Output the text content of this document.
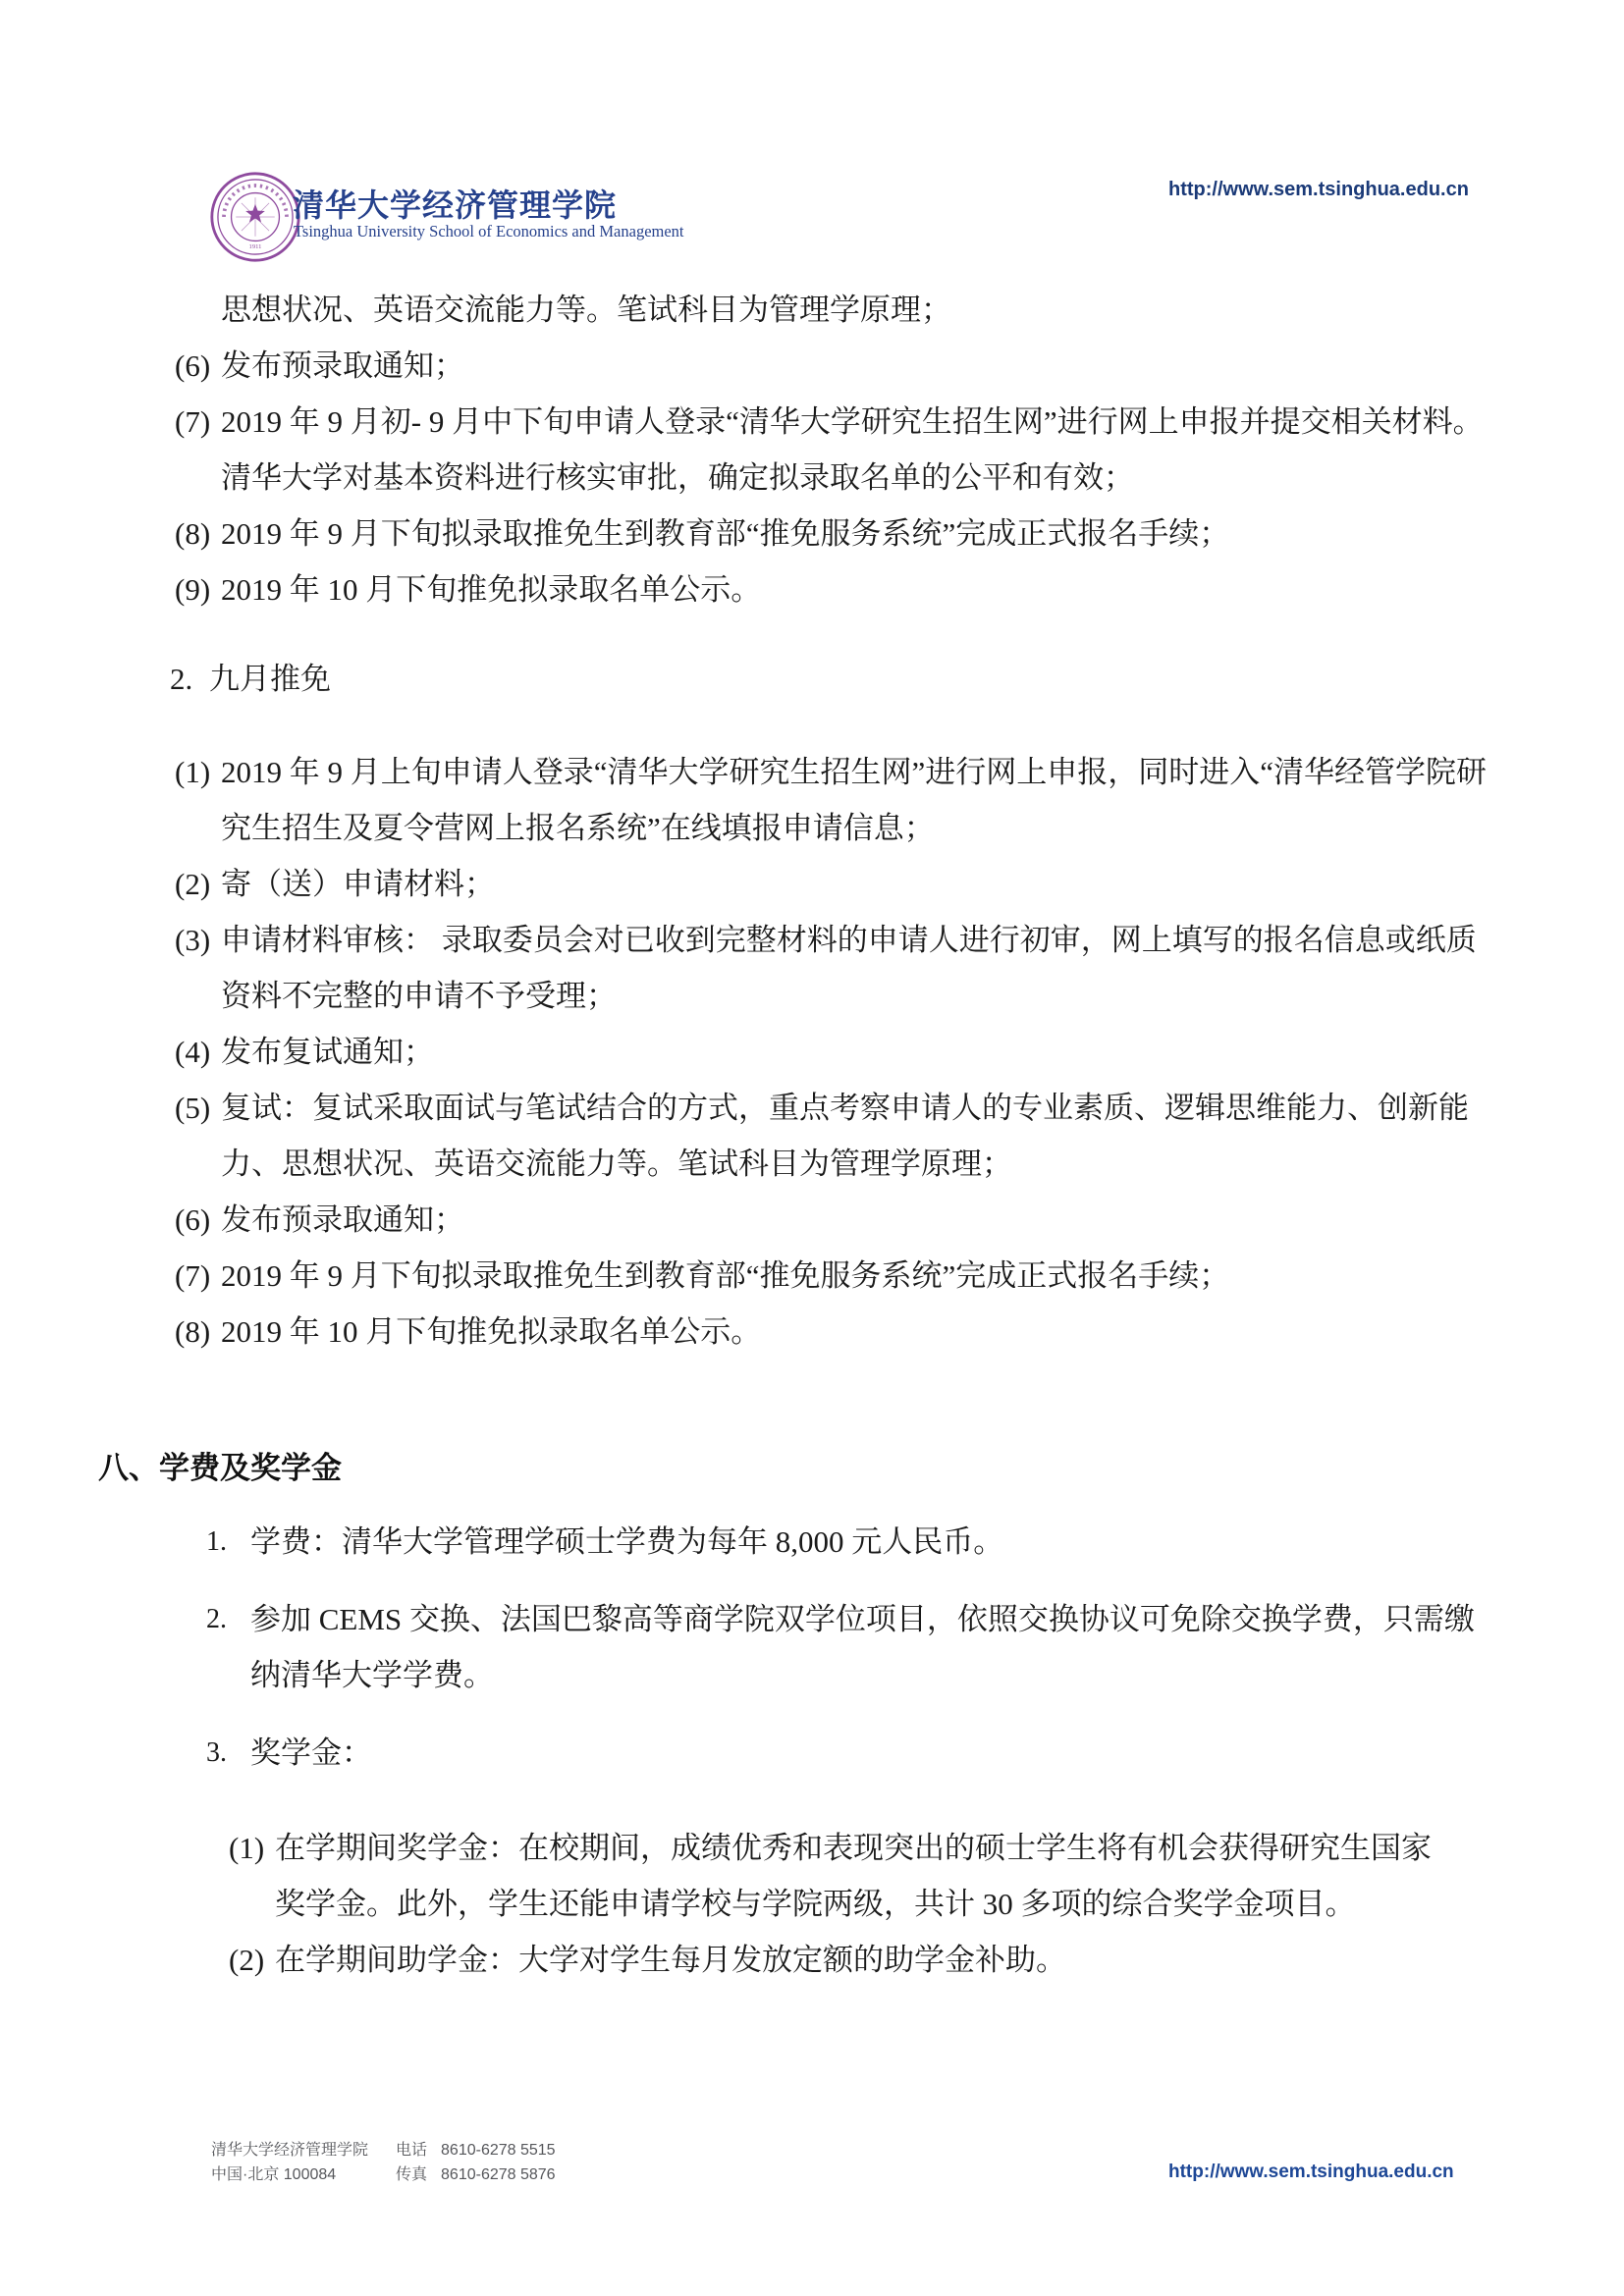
1911
清华大学经济管理学院
Tsinghua University School of Economics and Management
http://www.sem.tsinghua.edu.cn
思想状况、英语交流能力等。笔试科目为管理学原理；
(6) 发布预录取通知；
(7) 2019 年 9 月初- 9 月中下旬申请人登录“清华大学研究生招生网”进行网上申报并提交相关材料。清华大学对基本资料进行核实审批，确定拟录取名单的公平和有效；
(8) 2019 年 9 月下旬拟录取推免生到教育部“推免服务系统”完成正式报名手续；
(9) 2019 年 10 月下旬推免拟录取名单公示。
2. 九月推免
(1) 2019 年 9 月上旬申请人登录“清华大学研究生招生网”进行网上申报，同时进入“清华经管学院研究生招生及夏令营网上报名系统”在线填报申请信息；
(2) 寄（送）申请材料；
(3) 申请材料审核： 录取委员会对已收到完整材料的申请人进行初审，网上填写的报名信息或纸质资料不完整的申请不予受理；
(4) 发布复试通知；
(5) 复试：复试采取面试与笔试结合的方式，重点考察申请人的专业素质、逻辑思维能力、创新能力、思想状况、英语交流能力等。笔试科目为管理学原理；
(6) 发布预录取通知；
(7) 2019 年 9 月下旬拟录取推免生到教育部“推免服务系统”完成正式报名手续；
(8) 2019 年 10 月下旬推免拟录取名单公示。
八、学费及奖学金
1. 学费：清华大学管理学硕士学费为每年 8,000 元人民币。
2. 参加 CEMS 交换、法国巴黎高等商学院双学位项目，依照交换协议可免除交换学费，只需缴纳清华大学学费。
3. 奖学金：
(1) 在学期间奖学金：在校期间，成绩优秀和表现突出的硕士学生将有机会获得研究生国家奖学金。此外，学生还能申请学校与学院两级，共计 30 多项的综合奖学金项目。
(2) 在学期间助学金：大学对学生每月发放定额的助学金补助。
清华大学经济管理学院
中国·北京 100084
电话 8610-6278 5515
传真 8610-6278 5876	http://www.sem.tsinghua.edu.cn
